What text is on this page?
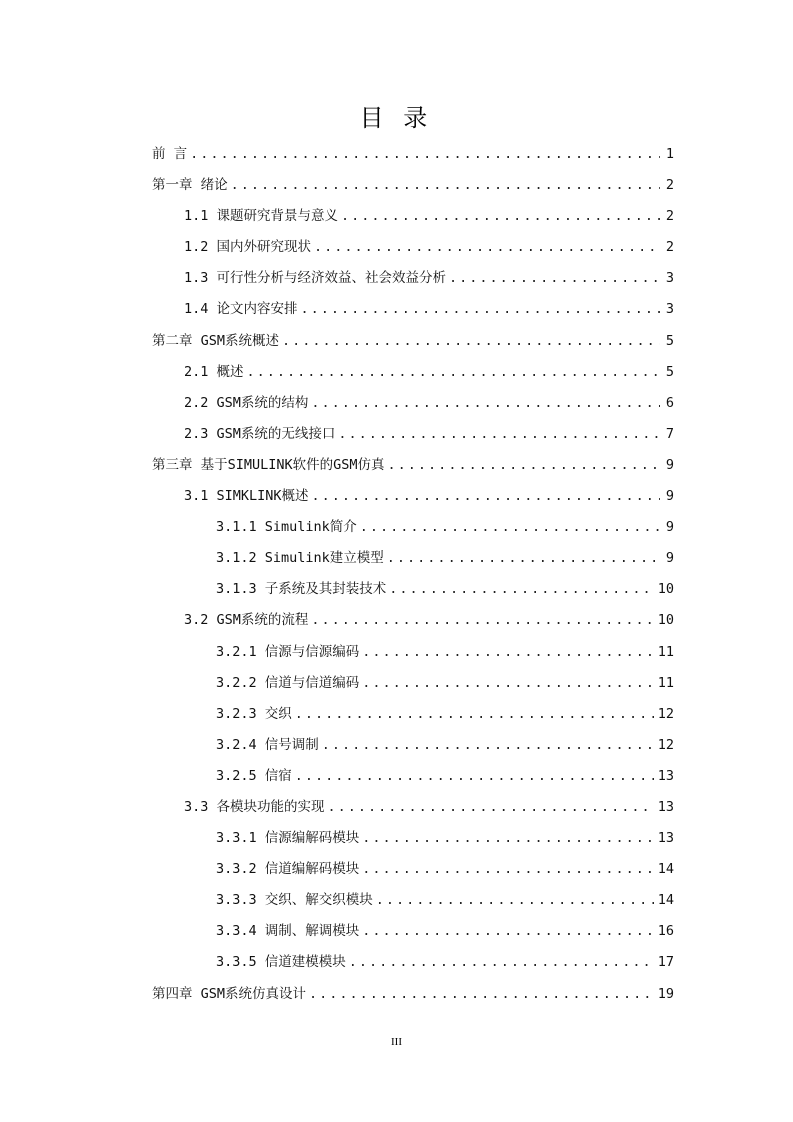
目 录
前 言 .....	1
第一章 绪论 .....	2
1.1 课题研究背景与意义 .....	2
1.2 国内外研究现状 .....	2
1.3 可行性分析与经济效益、社会效益分析 .....	3
1.4 论文内容安排 .....	3
第二章 GSM系统概述 .....	5
2.1 概述 .....	5
2.2 GSM系统的结构 .....	6
2.3 GSM系统的无线接口 .....	7
第三章 基于SIMULINK软件的GSM仿真 .....	9
3.1 SIMKLINK概述 .....	9
3.1.1 Simulink简介 .....	9
3.1.2 Simulink建立模型 .....	9
3.1.3 子系统及其封装技术 .....	10
3.2 GSM系统的流程 .....	10
3.2.1 信源与信源编码 .....	11
3.2.2 信道与信道编码 .....	11
3.2.3 交织 .....	12
3.2.4 信号调制 .....	12
3.2.5 信宿 .....	13
3.3 各模块功能的实现 .....	13
3.3.1 信源编解码模块 .....	13
3.3.2 信道编解码模块 .....	14
3.3.3 交织、解交织模块 .....	14
3.3.4 调制、解调模块 .....	16
3.3.5 信道建模模块 .....	17
第四章 GSM系统仿真设计 .....	19
III
